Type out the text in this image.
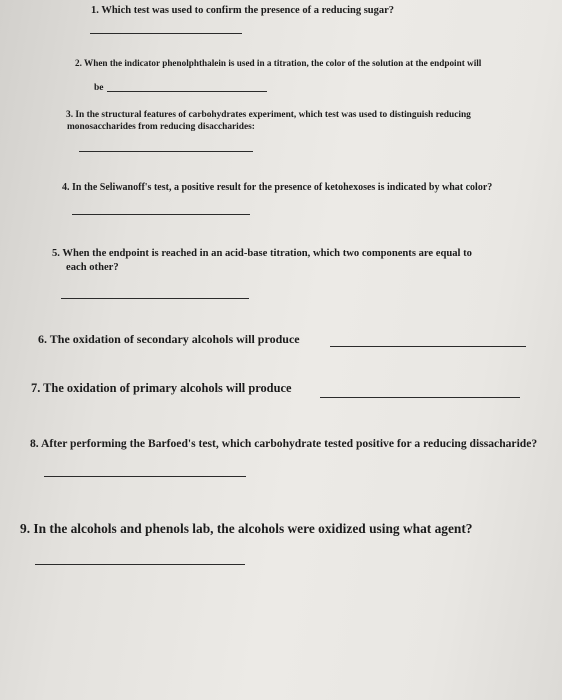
1. Which test was used to confirm the presence of a reducing sugar?
2. When the indicator phenolphthalein is used in a titration, the color of the solution at the endpoint will
be
3. In the structural features of carbohydrates experiment, which test was used to distinguish reducing
monosaccharides from reducing disaccharides:
4. In the Seliwanoff's test, a positive result for the presence of ketohexoses is indicated by what color?
5. When the endpoint is reached in an acid-base titration, which two components are equal to
each other?
6. The oxidation of secondary alcohols will produce
7. The oxidation of primary alcohols will produce
8. After performing the Barfoed's test, which carbohydrate tested positive for a reducing dissacharide?
9. In the alcohols and phenols lab, the alcohols were oxidized using what agent?
